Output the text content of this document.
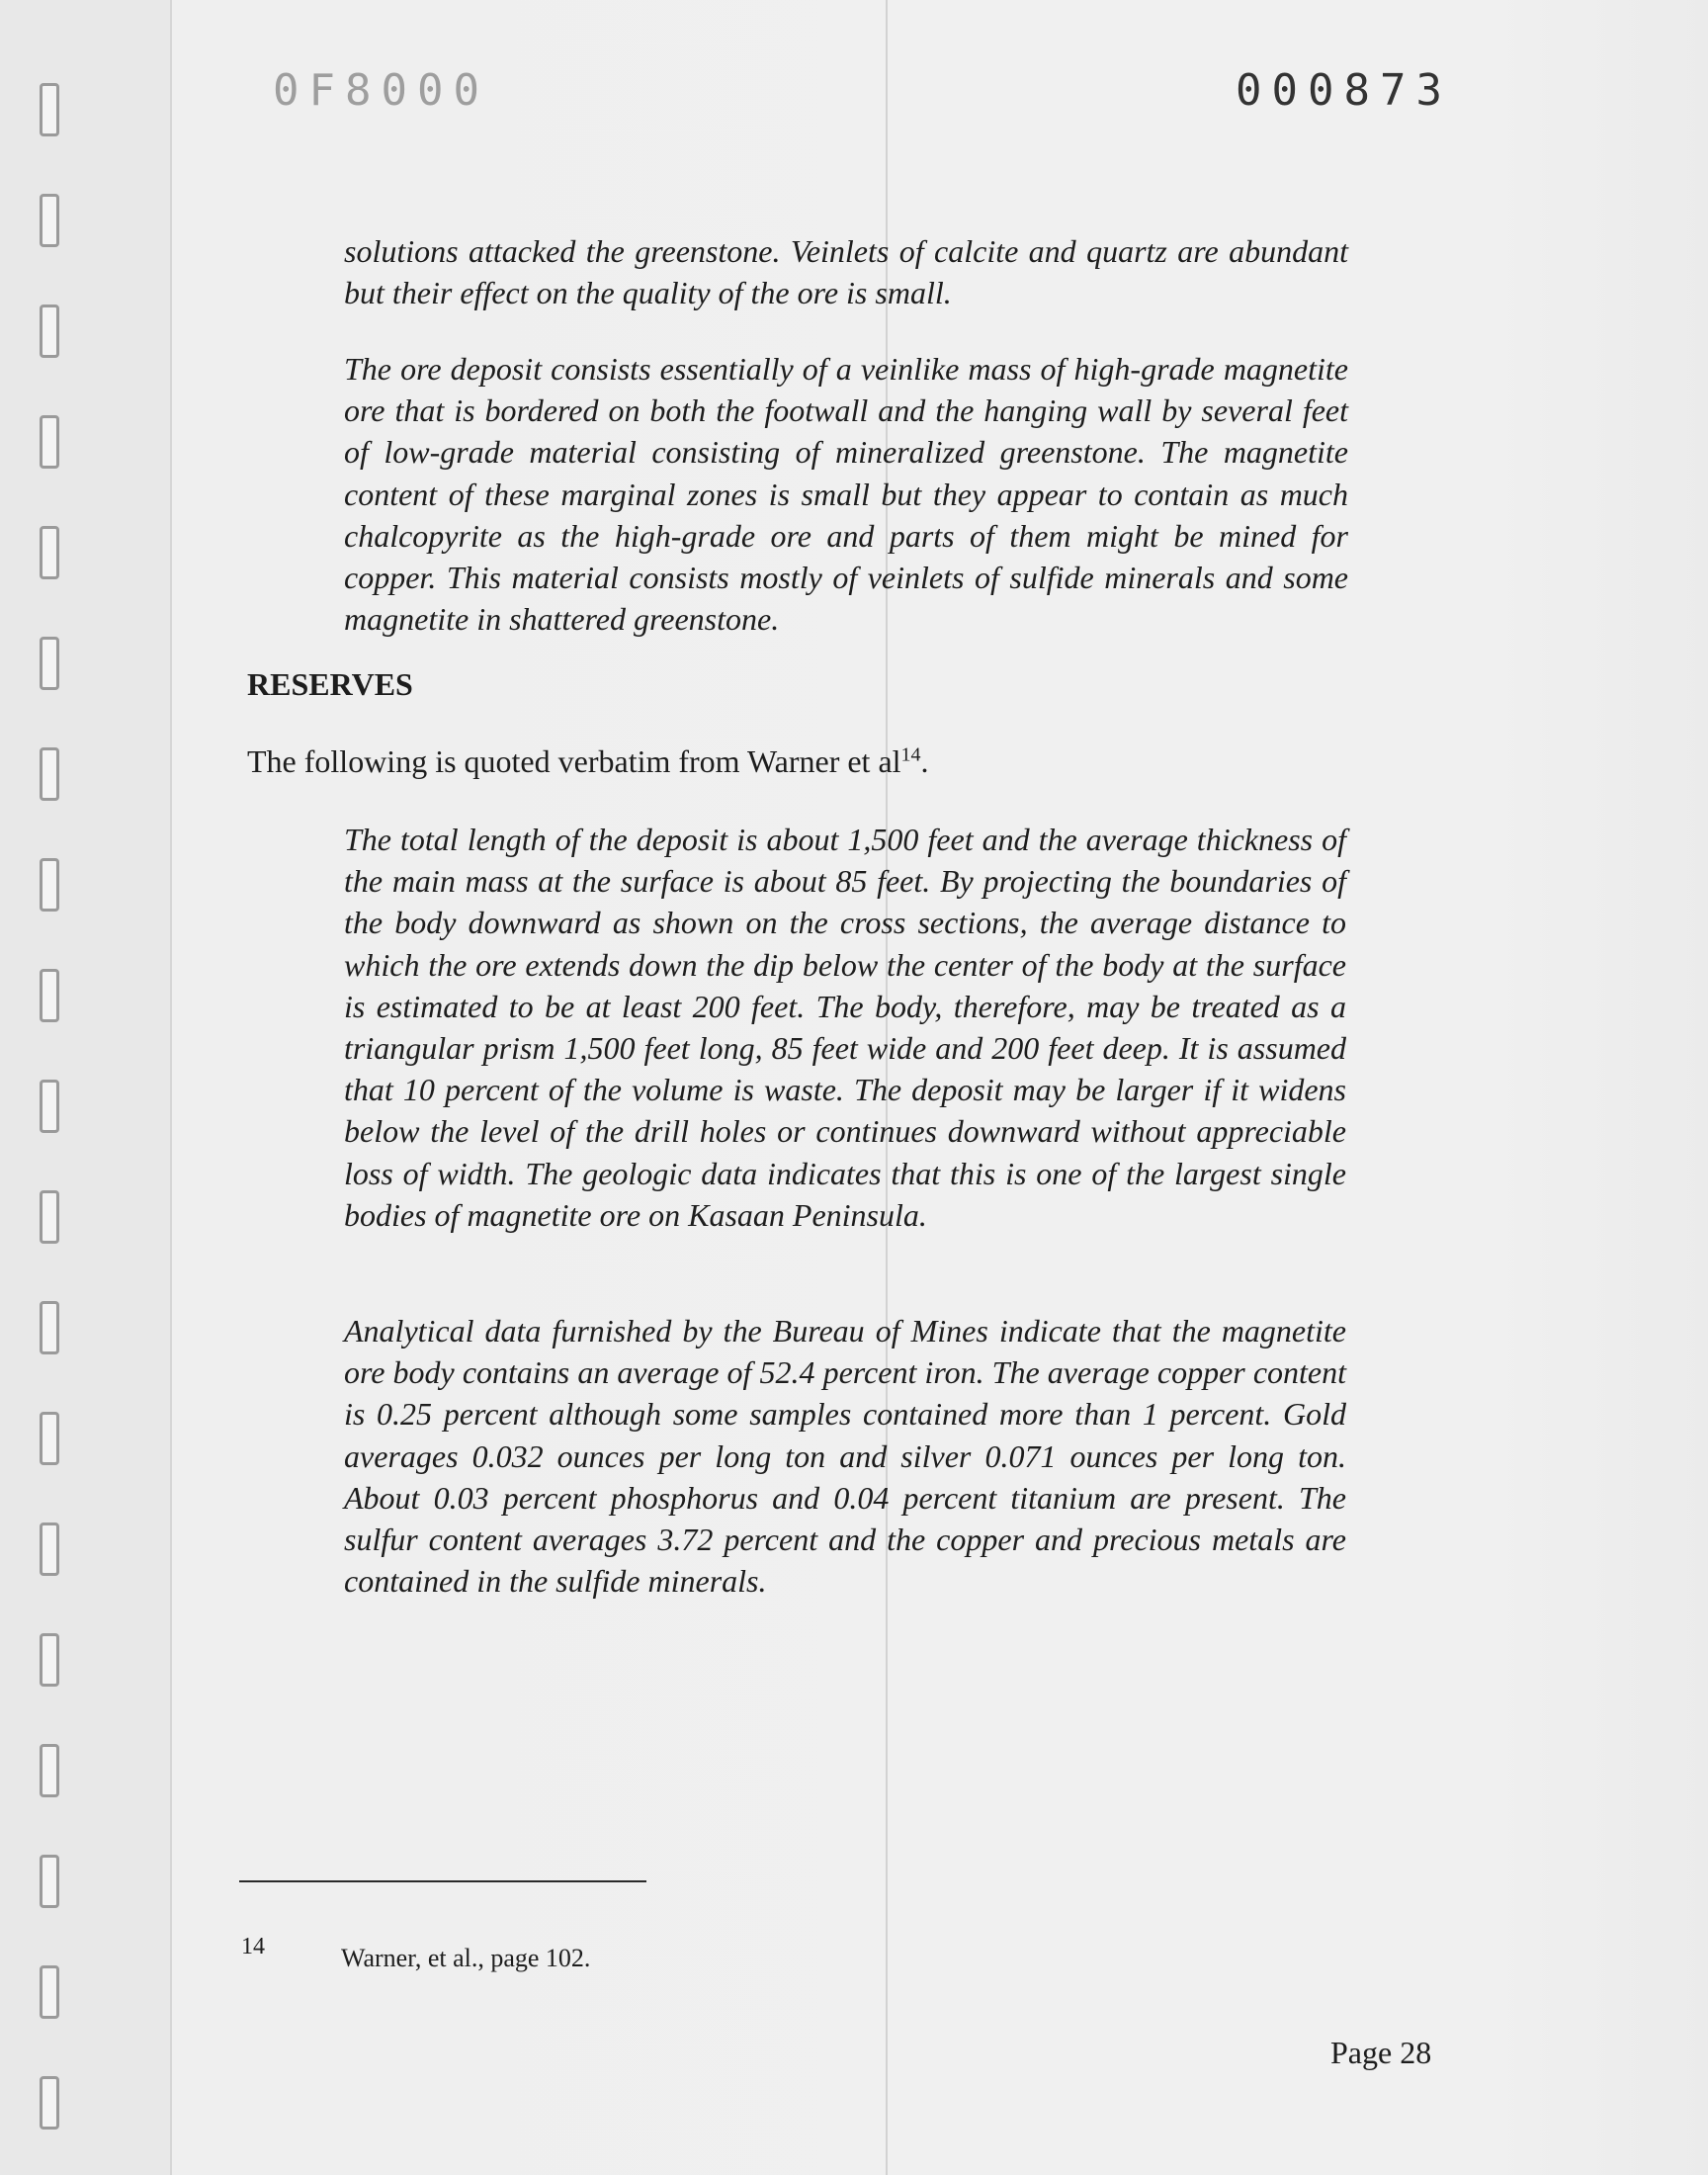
0F8000	000873

solutions attacked the greenstone. Veinlets of calcite and quartz are abundant but their effect on the quality of the ore is small.

The ore deposit consists essentially of a veinlike mass of high-grade magnetite ore that is bordered on both the footwall and the hanging wall by several feet of low-grade material consisting of mineralized greenstone. The magnetite content of these marginal zones is small but they appear to contain as much chalcopyrite as the high-grade ore and parts of them might be mined for copper. This material consists mostly of veinlets of sulfide minerals and some magnetite in shattered greenstone.

RESERVES

The following is quoted verbatim from Warner et $al^{14}$.

The total length of the deposit is about 1,500 feet and the average thickness of the main mass at the surface is about 85 feet. By projecting the boundaries of the body downward as shown on the cross sections, the average distance to which the ore extends down the dip below the center of the body at the surface is estimated to be at least 200 feet. The body, therefore, may be treated as a triangular prism 1,500 feet long, 85 feet wide and 200 feet deep. It is assumed that 10 percent of the volume is waste. The deposit may be larger if it widens below the level of the drill holes or continues downward without appreciable loss of width. The geologic data indicates that this is one of the largest single bodies of magnetite ore on Kasaan Peninsula.

Analytical data furnished by the Bureau of Mines indicate that the magnetite ore body contains an average of 52.4 percent iron. The average copper content is 0.25 percent although some samples contained more than 1 percent. Gold averages 0.032 ounces per long ton and silver 0.071 ounces per long ton. About 0.03 percent phosphorus and 0.04 percent titanium are present. The sulfur content averages 3.72 percent and the copper and precious metals are contained in the sulfide minerals.

14	Warner, et al., page 102.
Page 28
